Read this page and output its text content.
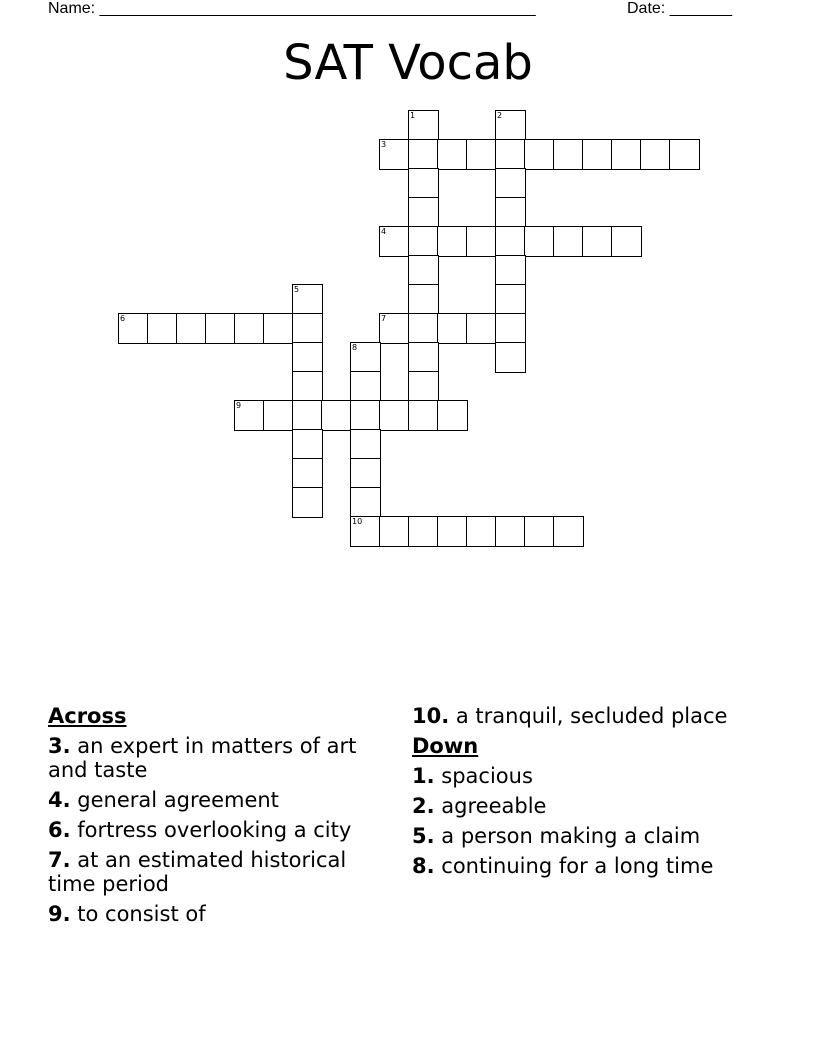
Name: _________________________________________________	Date: _______
SAT Vocab
1	2
3
4
5
6	7
8
9
10
Across
3. an expert in matters of art and taste
4. general agreement
6. fortress overlooking a city
7. at an estimated historical time period
9. to consist of
10. a tranquil, secluded place
Down
1. spacious
2. agreeable
5. a person making a claim
8. continuing for a long time
